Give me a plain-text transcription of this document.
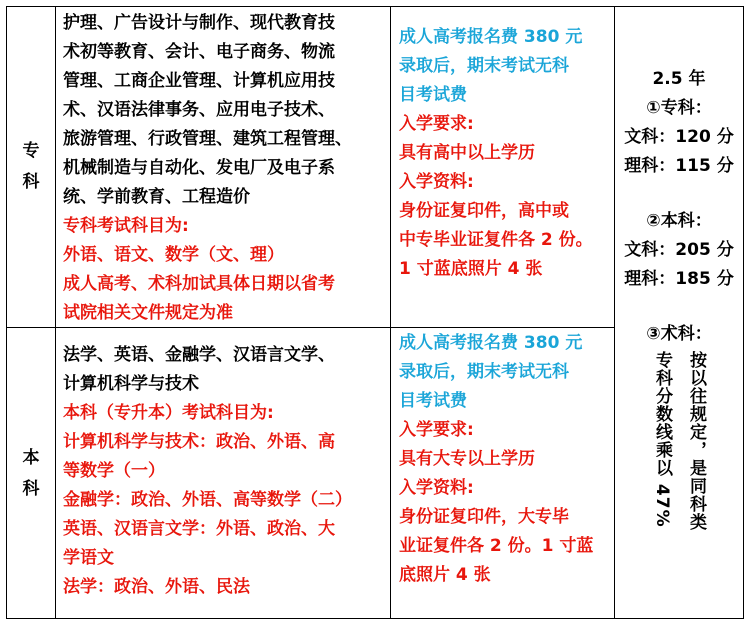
专科
护理、广告设计与制作、现代教育技
术初等教育、会计、电子商务、物流
管理、工商企业管理、计算机应用技
术、汉语法律事务、应用电子技术、
旅游管理、行政管理、建筑工程管理、
机械制造与自动化、发电厂及电子系
统、学前教育、工程造价
专科考试科目为:
外语、语文、数学（文、理）
成人高考、术科加试具体日期以省考
试院相关文件规定为准
成人高考报名费 380 元
录取后，期末考试无科
目考试费
入学要求:
具有高中以上学历
入学资料:
身份证复印件，高中或
中专毕业证复件各 2 份。
1 寸蓝底照片 4 张
本科
法学、英语、金融学、汉语言文学、
计算机科学与技术
本科（专升本）考试科目为:
计算机科学与技术：政治、外语、高
等数学（一）
金融学：政治、外语、高等数学（二）
英语、汉语言文学：外语、政治、大
学语文
法学：政治、外语、民法
成人高考报名费 380 元
录取后，期末考试无科
目考试费
入学要求:
具有大专以上学历
入学资料:
身份证复印件，大专毕
业证复件各 2 份。1 寸蓝
底照片 4 张
2.5 年
①专科：
文科：120 分
理科：115 分
②本科：
文科：205 分
理科：185 分
③术科：
按以往规定，是同科类
专科分数线乘以 47%
